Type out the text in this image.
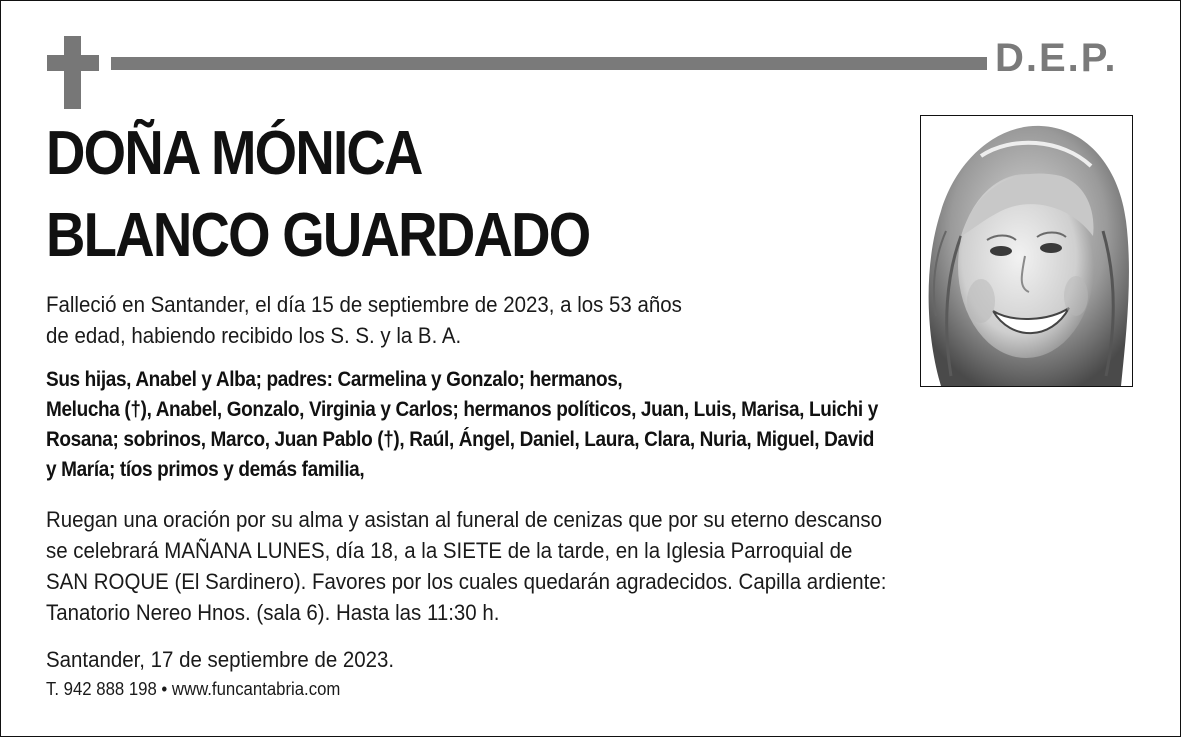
D.E.P.
DOÑA MÓNICA
BLANCO GUARDADO
Falleció en Santander, el día 15 de septiembre de 2023, a los 53 años
de edad, habiendo recibido los S. S. y la B. A.
Sus hijas, Anabel y Alba; padres: Carmelina y Gonzalo; hermanos,
Melucha (†), Anabel, Gonzalo, Virginia y Carlos; hermanos políticos, Juan, Luis, Marisa, Luichi y
Rosana; sobrinos, Marco, Juan Pablo (†), Raúl, Ángel, Daniel, Laura, Clara, Nuria, Miguel, David
y María; tíos primos y demás familia,
Ruegan una oración por su alma y asistan al funeral de cenizas que por su eterno descanso
se celebrará MAÑANA LUNES, día 18, a la SIETE de la tarde, en la Iglesia Parroquial de
SAN ROQUE (El Sardinero). Favores por los cuales quedarán agradecidos. Capilla ardiente:
Tanatorio Nereo Hnos. (sala 6). Hasta las 11:30 h.
Santander, 17 de septiembre de 2023.
T. 942 888 198 • www.funcantabria.com
